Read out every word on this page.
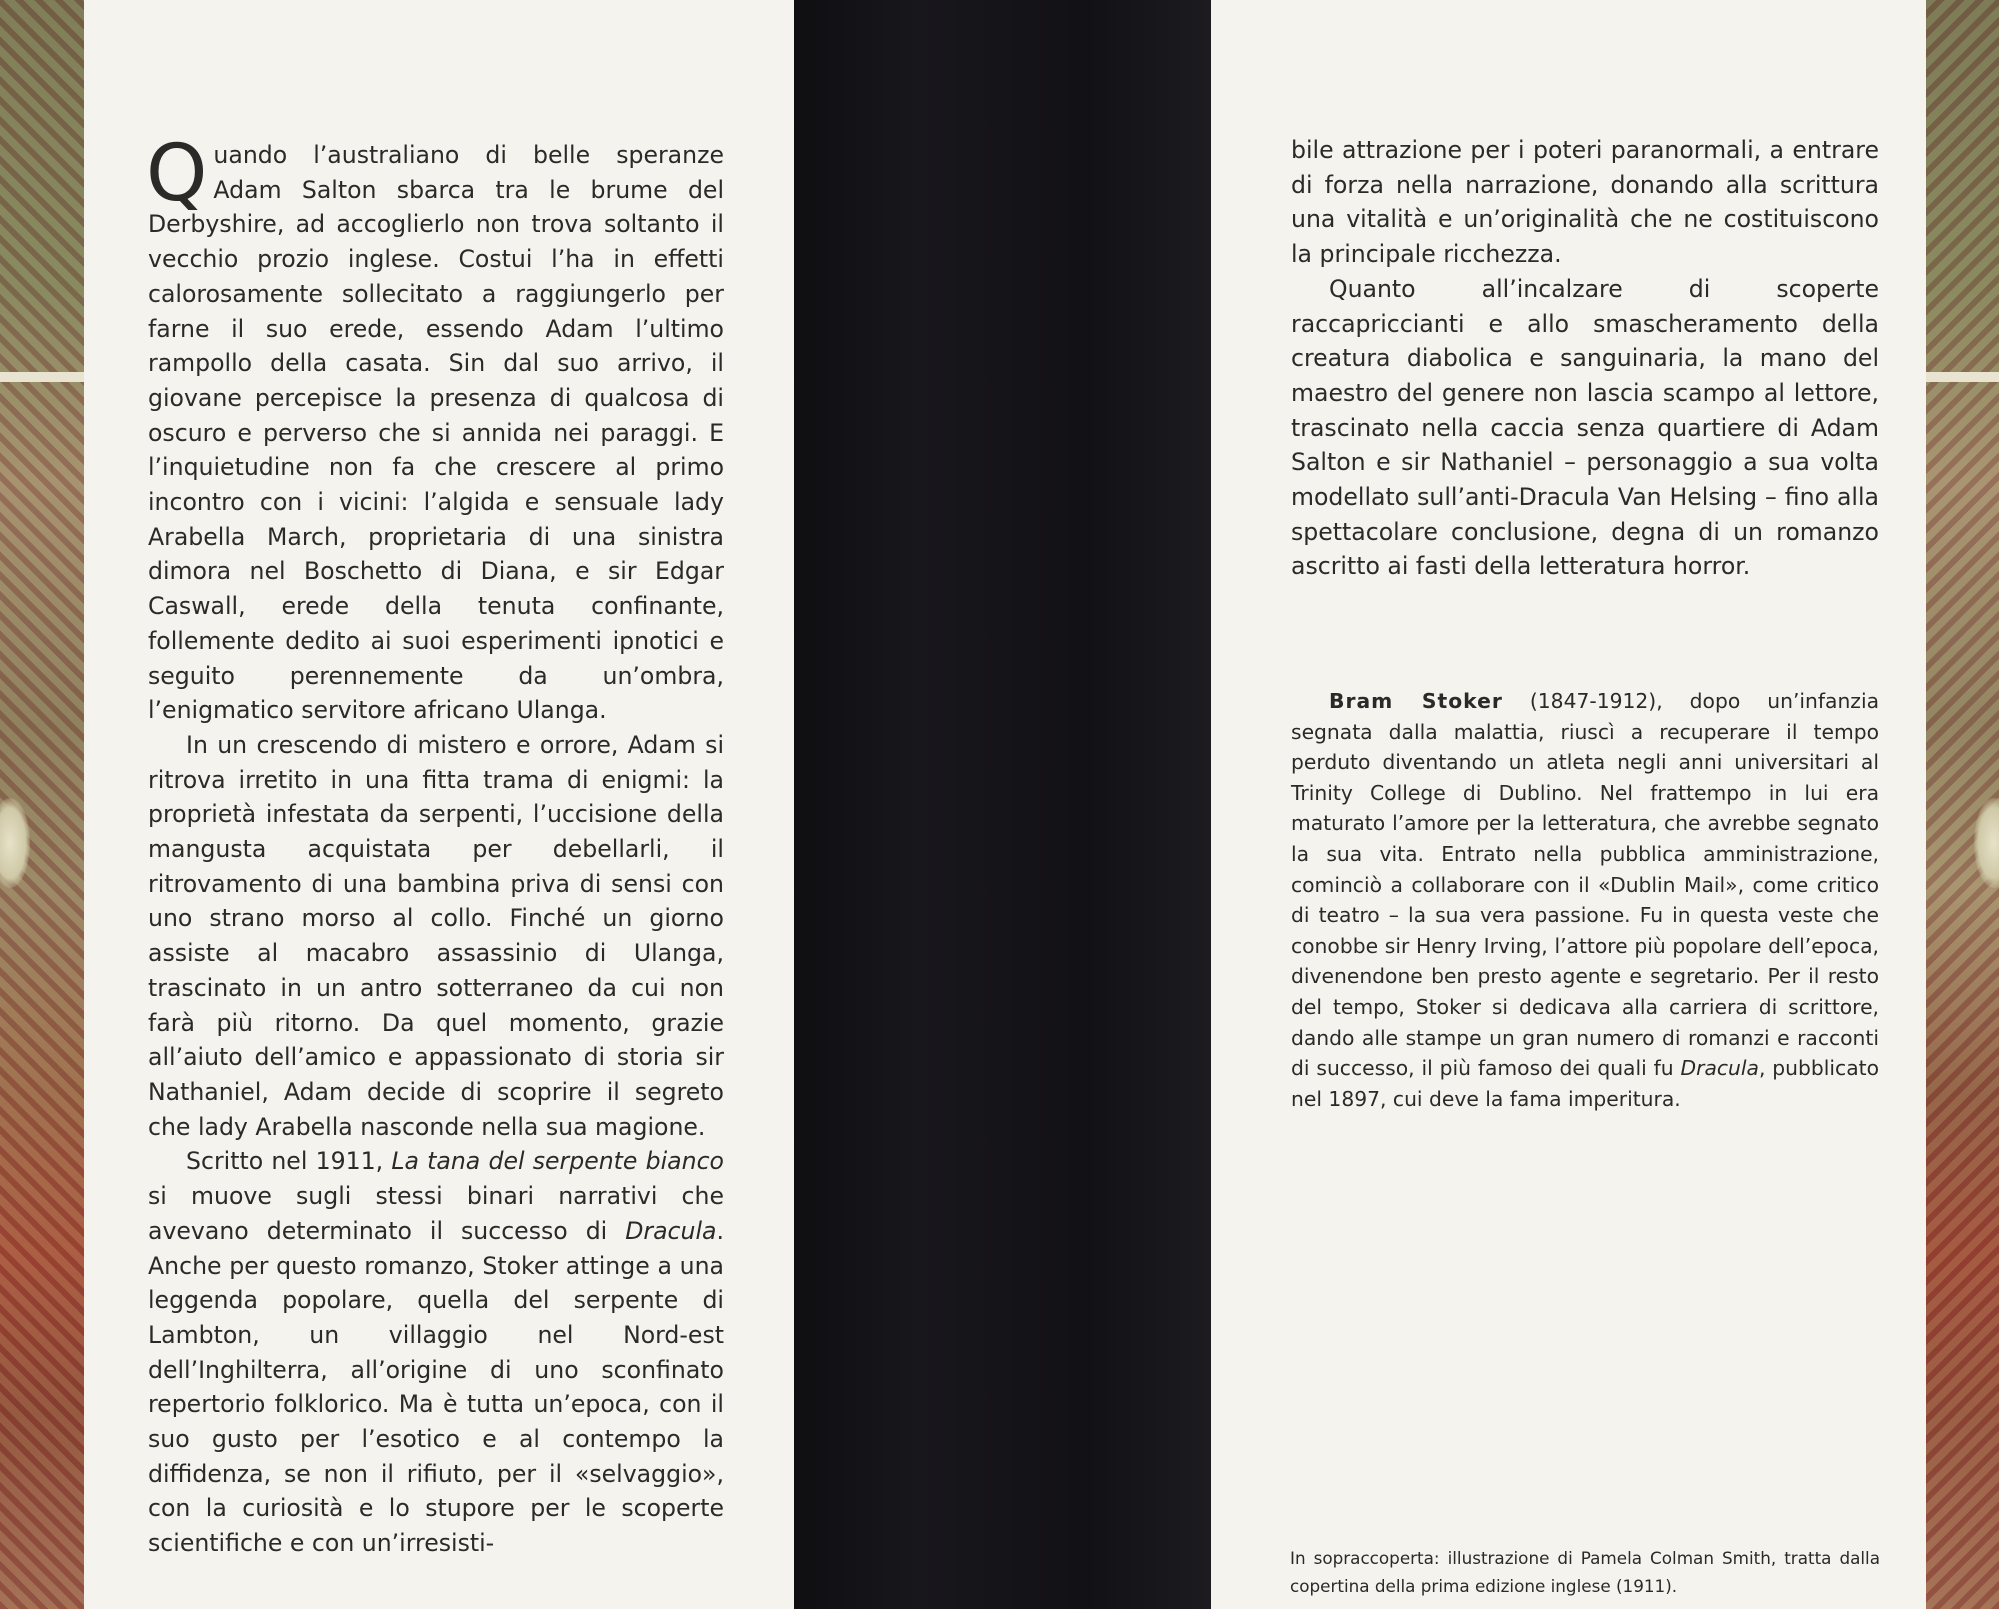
Quando l’australiano di belle speranze Adam Salton sbarca tra le brume del Derbyshire, ad accoglierlo non trova soltanto il vecchio prozio inglese. Costui l’ha in effetti calorosamente sollecitato a raggiungerlo per farne il suo erede, essendo Adam l’ultimo rampollo della casata. Sin dal suo arrivo, il giovane percepisce la presenza di qualcosa di oscuro e perverso che si annida nei paraggi. E l’inquietudine non fa che crescere al primo incontro con i vicini: l’algida e sensuale lady Arabella March, proprietaria di una sinistra dimora nel Boschetto di Diana, e sir Edgar Caswall, erede della tenuta confinante, follemente dedito ai suoi esperimenti ipnotici e seguito perennemente da un’ombra, l’enigmatico servitore africano Ulanga.

In un crescendo di mistero e orrore, Adam si ritrova irretito in una fitta trama di enigmi: la proprietà infestata da serpenti, l’uccisione della mangusta acquistata per debellarli, il ritrovamento di una bambina priva di sensi con uno strano morso al collo. Finché un giorno assiste al macabro assassinio di Ulanga, trascinato in un antro sotterraneo da cui non farà più ritorno. Da quel momento, grazie all’aiuto dell’amico e appassionato di storia sir Nathaniel, Adam decide di scoprire il segreto che lady Arabella nasconde nella sua magione.

Scritto nel 1911, La tana del serpente bianco si muove sugli stessi binari narrativi che avevano determinato il successo di Dracula. Anche per questo romanzo, Stoker attinge a una leggenda popolare, quella del serpente di Lambton, un villaggio nel Nord-est dell’Inghilterra, all’origine di uno sconfinato repertorio folklorico. Ma è tutta un’epoca, con il suo gusto per l’esotico e al contempo la diffidenza, se non il rifiuto, per il «selvaggio», con la curiosità e lo stupore per le scoperte scientifiche e con un’irresisti-

bile attrazione per i poteri paranormali, a entrare di forza nella narrazione, donando alla scrittura una vitalità e un’originalità che ne costituiscono la principale ricchezza.

Quanto all’incalzare di scoperte raccapriccianti e allo smascheramento della creatura diabolica e sanguinaria, la mano del maestro del genere non lascia scampo al lettore, trascinato nella caccia senza quartiere di Adam Salton e sir Nathaniel – personaggio a sua volta modellato sull’anti-Dracula Van Helsing – fino alla spettacolare conclusione, degna di un romanzo ascritto ai fasti della letteratura horror.

Bram Stoker (1847-1912), dopo un’infanzia segnata dalla malattia, riuscì a recuperare il tempo perduto diventando un atleta negli anni universitari al Trinity College di Dublino. Nel frattempo in lui era maturato l’amore per la letteratura, che avrebbe segnato la sua vita. Entrato nella pubblica amministrazione, cominciò a collaborare con il «Dublin Mail», come critico di teatro – la sua vera passione. Fu in questa veste che conobbe sir Henry Irving, l’attore più popolare dell’epoca, divenendone ben presto agente e segretario. Per il resto del tempo, Stoker si dedicava alla carriera di scrittore, dando alle stampe un gran numero di romanzi e racconti di successo, il più famoso dei quali fu Dracula, pubblicato nel 1897, cui deve la fama imperitura.

In sopraccoperta: illustrazione di Pamela Colman Smith, tratta dalla copertina della prima edizione inglese (1911).
